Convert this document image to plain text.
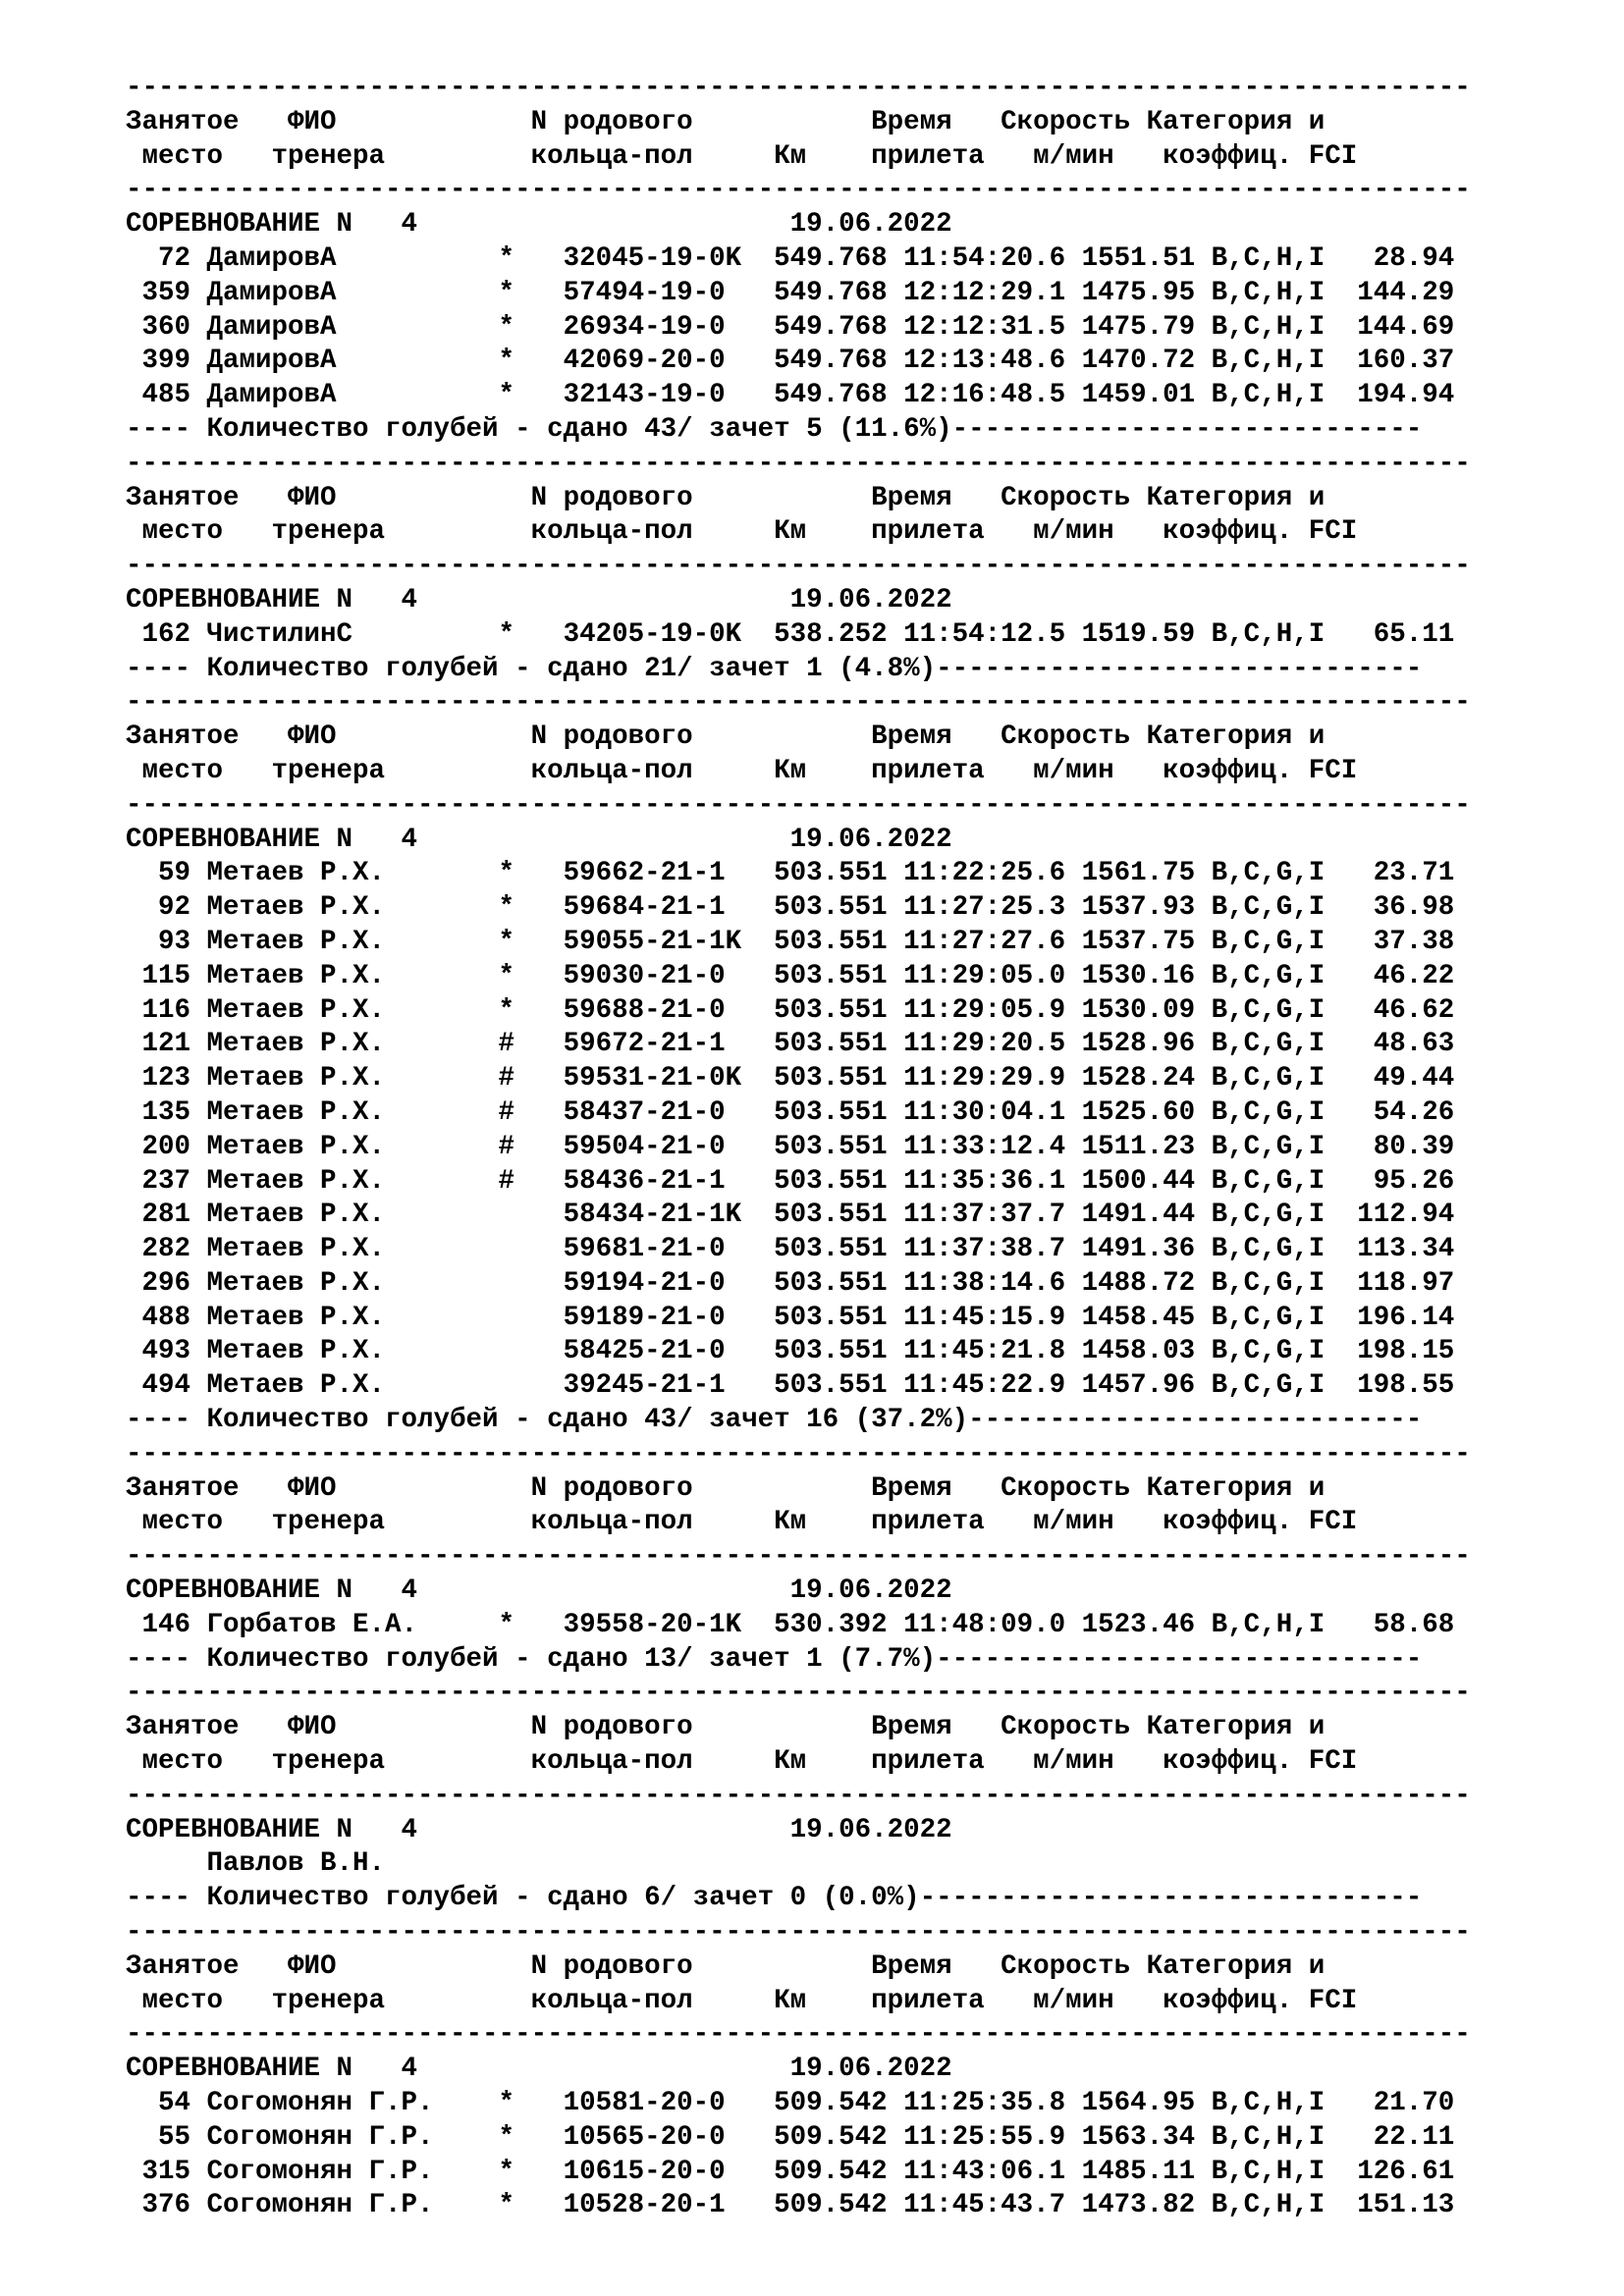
-----------------------------------------------------------------------------------
Занятое   ФИО            N родового           Время   Скорость Категория и
место   тренера         кольца-пол     Км    прилета   м/мин   коэффиц. FCI
-----------------------------------------------------------------------------------
СОРЕВНОВАНИЕ N   4                       19.06.2022
72 ДамировА          *   32045-19-0K  549.768 11:54:20.6 1551.51 B,C,H,I   28.94
359 ДамировА          *   57494-19-0   549.768 12:12:29.1 1475.95 B,C,H,I  144.29
360 ДамировА          *   26934-19-0   549.768 12:12:31.5 1475.79 B,C,H,I  144.69
399 ДамировА          *   42069-20-0   549.768 12:13:48.6 1470.72 B,C,H,I  160.37
485 ДамировА          *   32143-19-0   549.768 12:16:48.5 1459.01 B,C,H,I  194.94
---- Количество голубей - сдано 43/ зачет 5 (11.6%)-----------------------------
-----------------------------------------------------------------------------------
Занятое   ФИО            N родового           Время   Скорость Категория и
место   тренера         кольца-пол     Км    прилета   м/мин   коэффиц. FCI
-----------------------------------------------------------------------------------
СОРЕВНОВАНИЕ N   4                       19.06.2022
162 ЧистилинС         *   34205-19-0K  538.252 11:54:12.5 1519.59 B,C,H,I   65.11
---- Количество голубей - сдано 21/ зачет 1 (4.8%)------------------------------
-----------------------------------------------------------------------------------
Занятое   ФИО            N родового           Время   Скорость Категория и
место   тренера         кольца-пол     Км    прилета   м/мин   коэффиц. FCI
-----------------------------------------------------------------------------------
СОРЕВНОВАНИЕ N   4                       19.06.2022
59 Метаев Р.Х.       *   59662-21-1   503.551 11:22:25.6 1561.75 B,C,G,I   23.71
92 Метаев Р.Х.       *   59684-21-1   503.551 11:27:25.3 1537.93 B,C,G,I   36.98
93 Метаев Р.Х.       *   59055-21-1K  503.551 11:27:27.6 1537.75 B,C,G,I   37.38
115 Метаев Р.Х.       *   59030-21-0   503.551 11:29:05.0 1530.16 B,C,G,I   46.22
116 Метаев Р.Х.       *   59688-21-0   503.551 11:29:05.9 1530.09 B,C,G,I   46.62
121 Метаев Р.Х.       #   59672-21-1   503.551 11:29:20.5 1528.96 B,C,G,I   48.63
123 Метаев Р.Х.       #   59531-21-0K  503.551 11:29:29.9 1528.24 B,C,G,I   49.44
135 Метаев Р.Х.       #   58437-21-0   503.551 11:30:04.1 1525.60 B,C,G,I   54.26
200 Метаев Р.Х.       #   59504-21-0   503.551 11:33:12.4 1511.23 B,C,G,I   80.39
237 Метаев Р.Х.       #   58436-21-1   503.551 11:35:36.1 1500.44 B,C,G,I   95.26
281 Метаев Р.Х.           58434-21-1K  503.551 11:37:37.7 1491.44 B,C,G,I  112.94
282 Метаев Р.Х.           59681-21-0   503.551 11:37:38.7 1491.36 B,C,G,I  113.34
296 Метаев Р.Х.           59194-21-0   503.551 11:38:14.6 1488.72 B,C,G,I  118.97
488 Метаев Р.Х.           59189-21-0   503.551 11:45:15.9 1458.45 B,C,G,I  196.14
493 Метаев Р.Х.           58425-21-0   503.551 11:45:21.8 1458.03 B,C,G,I  198.15
494 Метаев Р.Х.           39245-21-1   503.551 11:45:22.9 1457.96 B,C,G,I  198.55
---- Количество голубей - сдано 43/ зачет 16 (37.2%)----------------------------
-----------------------------------------------------------------------------------
Занятое   ФИО            N родового           Время   Скорость Категория и
место   тренера         кольца-пол     Км    прилета   м/мин   коэффиц. FCI
-----------------------------------------------------------------------------------
СОРЕВНОВАНИЕ N   4                       19.06.2022
146 Горбатов Е.А.     *   39558-20-1K  530.392 11:48:09.0 1523.46 B,C,H,I   58.68
---- Количество голубей - сдано 13/ зачет 1 (7.7%)------------------------------
-----------------------------------------------------------------------------------
Занятое   ФИО            N родового           Время   Скорость Категория и
место   тренера         кольца-пол     Км    прилета   м/мин   коэффиц. FCI
-----------------------------------------------------------------------------------
СОРЕВНОВАНИЕ N   4                       19.06.2022
Павлов В.Н.
---- Количество голубей - сдано 6/ зачет 0 (0.0%)-------------------------------
-----------------------------------------------------------------------------------
Занятое   ФИО            N родового           Время   Скорость Категория и
место   тренера         кольца-пол     Км    прилета   м/мин   коэффиц. FCI
-----------------------------------------------------------------------------------
СОРЕВНОВАНИЕ N   4                       19.06.2022
54 Согомонян Г.Р.    *   10581-20-0   509.542 11:25:35.8 1564.95 B,C,H,I   21.70
55 Согомонян Г.Р.    *   10565-20-0   509.542 11:25:55.9 1563.34 B,C,H,I   22.11
315 Согомонян Г.Р.    *   10615-20-0   509.542 11:43:06.1 1485.11 B,C,H,I  126.61
376 Согомонян Г.Р.    *   10528-20-1   509.542 11:45:43.7 1473.82 B,C,H,I  151.13
